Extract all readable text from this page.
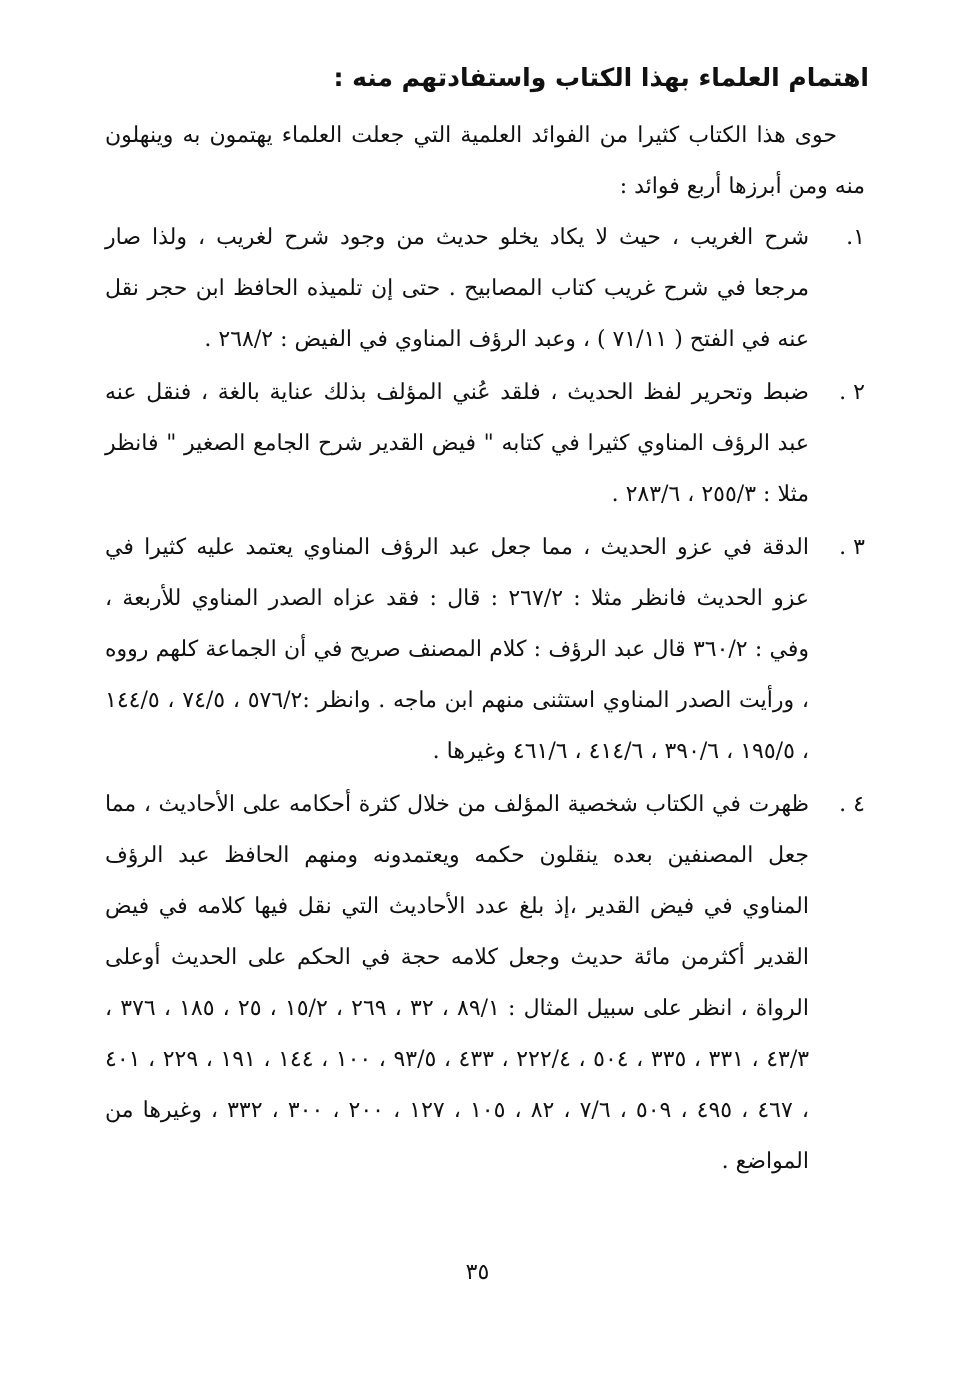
اهتمام العلماء بهذا الكتاب واستفادتهم منه :

حوى هذا الكتاب كثيرا من الفوائد العلمية التي جعلت العلماء يهتمون به وينهلون منه ومن أبرزها أربع فوائد :

١.
شرح الغريب ، حيث لا يكاد يخلو حديث من وجود شرح لغريب ، ولذا صار مرجعا في شرح غريب كتاب المصابيح . حتى إن تلميذه الحافظ ابن حجر نقل عنه في الفتح ( ٧١/١١ ) ، وعبد الرؤف المناوي في الفيض : ٢٦٨/٢ .
٢ .
ضبط وتحرير لفظ الحديث ، فلقد عُني المؤلف بذلك عناية بالغة ، فنقل عنه عبد الرؤف المناوي كثيرا في كتابه " فيض القدير شرح الجامع الصغير " فانظر مثلا : ٢٥٥/٣ ، ٢٨٣/٦ .
٣ .
الدقة في عزو الحديث ، مما جعل عبد الرؤف المناوي يعتمد عليه كثيرا في عزو الحديث فانظر مثلا : ٢٦٧/٢ : قال : فقد عزاه الصدر المناوي للأربعة ، وفي : ٣٦٠/٢ قال عبد الرؤف : كلام المصنف صريح في أن الجماعة كلهم رووه ، ورأيت الصدر المناوي استثنى منهم ابن ماجه . وانظر :٥٧٦/٢ ، ٧٤/٥ ، ١٤٤/٥ ، ١٩٥/٥ ، ٣٩٠/٦ ، ٤١٤/٦ ، ٤٦١/٦ وغيرها .
٤ .
ظهرت في الكتاب شخصية المؤلف من خلال كثرة أحكامه على الأحاديث ، مما جعل المصنفين بعده ينقلون حكمه ويعتمدونه ومنهم الحافظ عبد الرؤف المناوي في فيض القدير ،إذ بلغ عدد الأحاديث التي نقل فيها كلامه في فيض القدير أكثرمن مائة حديث وجعل كلامه حجة في الحكم على الحديث أوعلى الرواة ، انظر على سبيل المثال : ٨٩/١ ، ٣٢ ، ٢٦٩ ، ١٥/٢ ، ٢٥ ، ١٨٥ ، ٣٧٦ ، ٤٣/٣ ، ٣٣١ ، ٣٣٥ ، ٥٠٤ ، ٢٢٢/٤ ، ٤٣٣ ، ٩٣/٥ ، ١٠٠ ، ١٤٤ ، ١٩١ ، ٢٢٩ ، ٤٠١ ، ٤٦٧ ، ٤٩٥ ، ٥٠٩ ، ٧/٦ ، ٨٢ ، ١٠٥ ، ١٢٧ ، ٢٠٠ ، ٣٠٠ ، ٣٣٢ ، وغيرها من المواضع .
٣٥
